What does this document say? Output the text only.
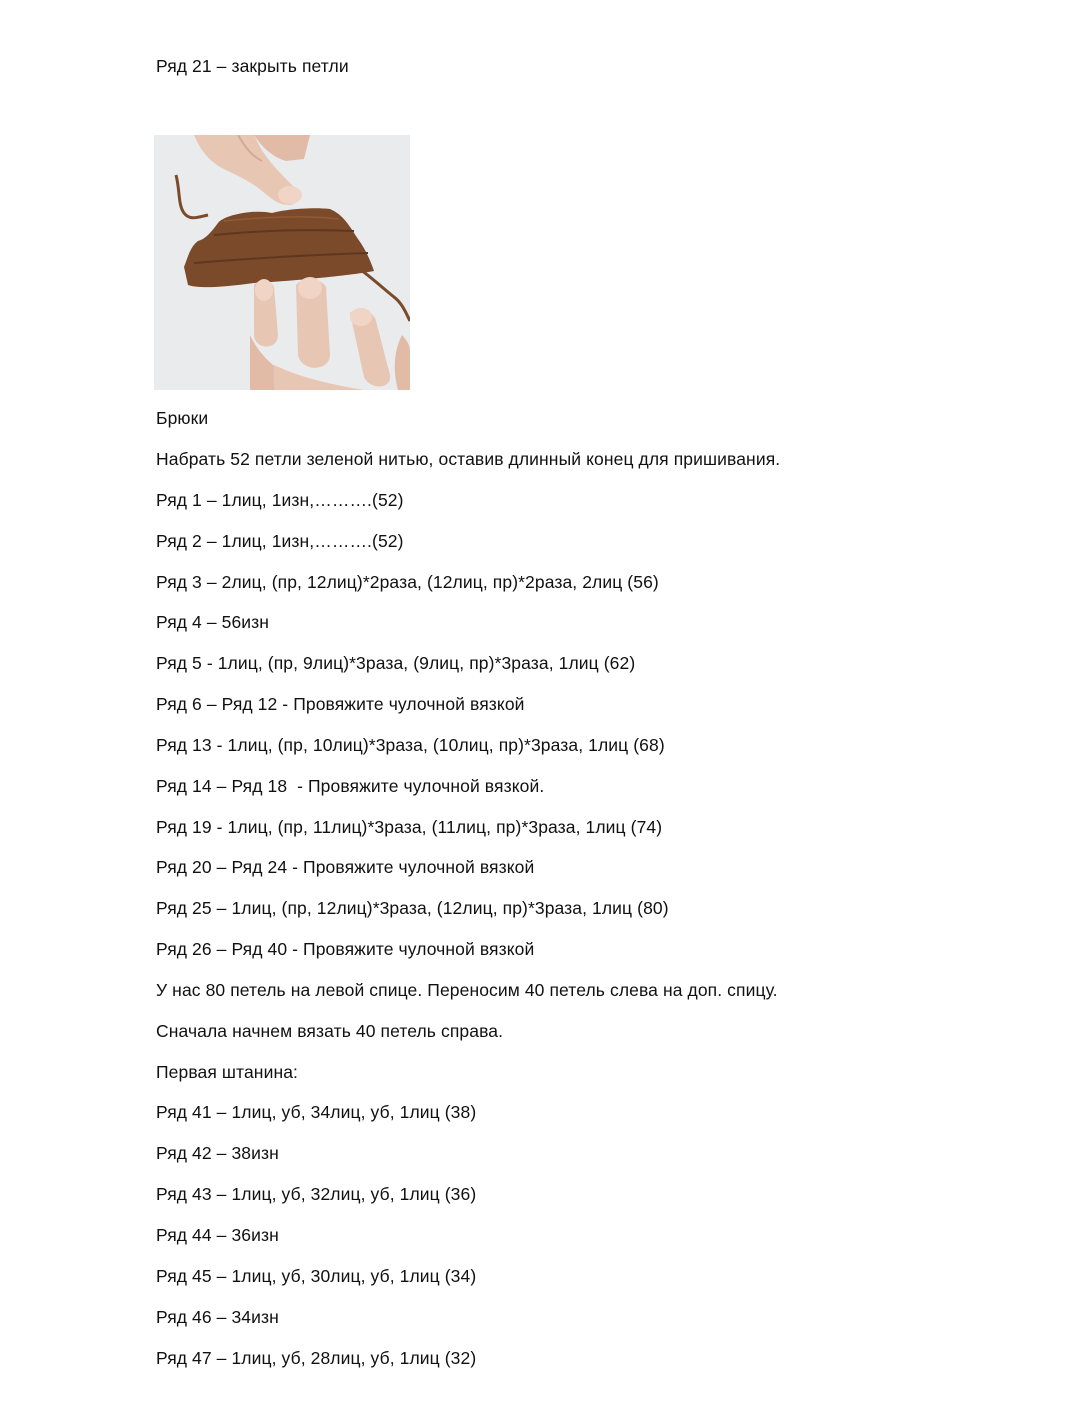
Ряд 21 – закрыть петли
Брюки
Набрать 52 петли зеленой нитью, оставив длинный конец для пришивания.
Ряд 1 – 1лиц, 1изн,……….(52)
Ряд 2 – 1лиц, 1изн,……….(52)
Ряд 3 – 2лиц, (пр, 12лиц)*2раза, (12лиц, пр)*2раза, 2лиц (56)
Ряд 4 – 56изн
Ряд 5 - 1лиц, (пр, 9лиц)*3раза, (9лиц, пр)*3раза, 1лиц (62)
Ряд 6 – Ряд 12 - Провяжите чулочной вязкой
Ряд 13 - 1лиц, (пр, 10лиц)*3раза, (10лиц, пр)*3раза, 1лиц (68)
Ряд 14 – Ряд 18  - Провяжите чулочной вязкой.
Ряд 19 - 1лиц, (пр, 11лиц)*3раза, (11лиц, пр)*3раза, 1лиц (74)
Ряд 20 – Ряд 24 - Провяжите чулочной вязкой
Ряд 25 – 1лиц, (пр, 12лиц)*3раза, (12лиц, пр)*3раза, 1лиц (80)
Ряд 26 – Ряд 40 - Провяжите чулочной вязкой
У нас 80 петель на левой спице. Переносим 40 петель слева на доп. спицу.
Сначала начнем вязать 40 петель справа.
Первая штанина:
Ряд 41 – 1лиц, уб, 34лиц, уб, 1лиц (38)
Ряд 42 – 38изн
Ряд 43 – 1лиц, уб, 32лиц, уб, 1лиц (36)
Ряд 44 – 36изн
Ряд 45 – 1лиц, уб, 30лиц, уб, 1лиц (34)
Ряд 46 – 34изн
Ряд 47 – 1лиц, уб, 28лиц, уб, 1лиц (32)
